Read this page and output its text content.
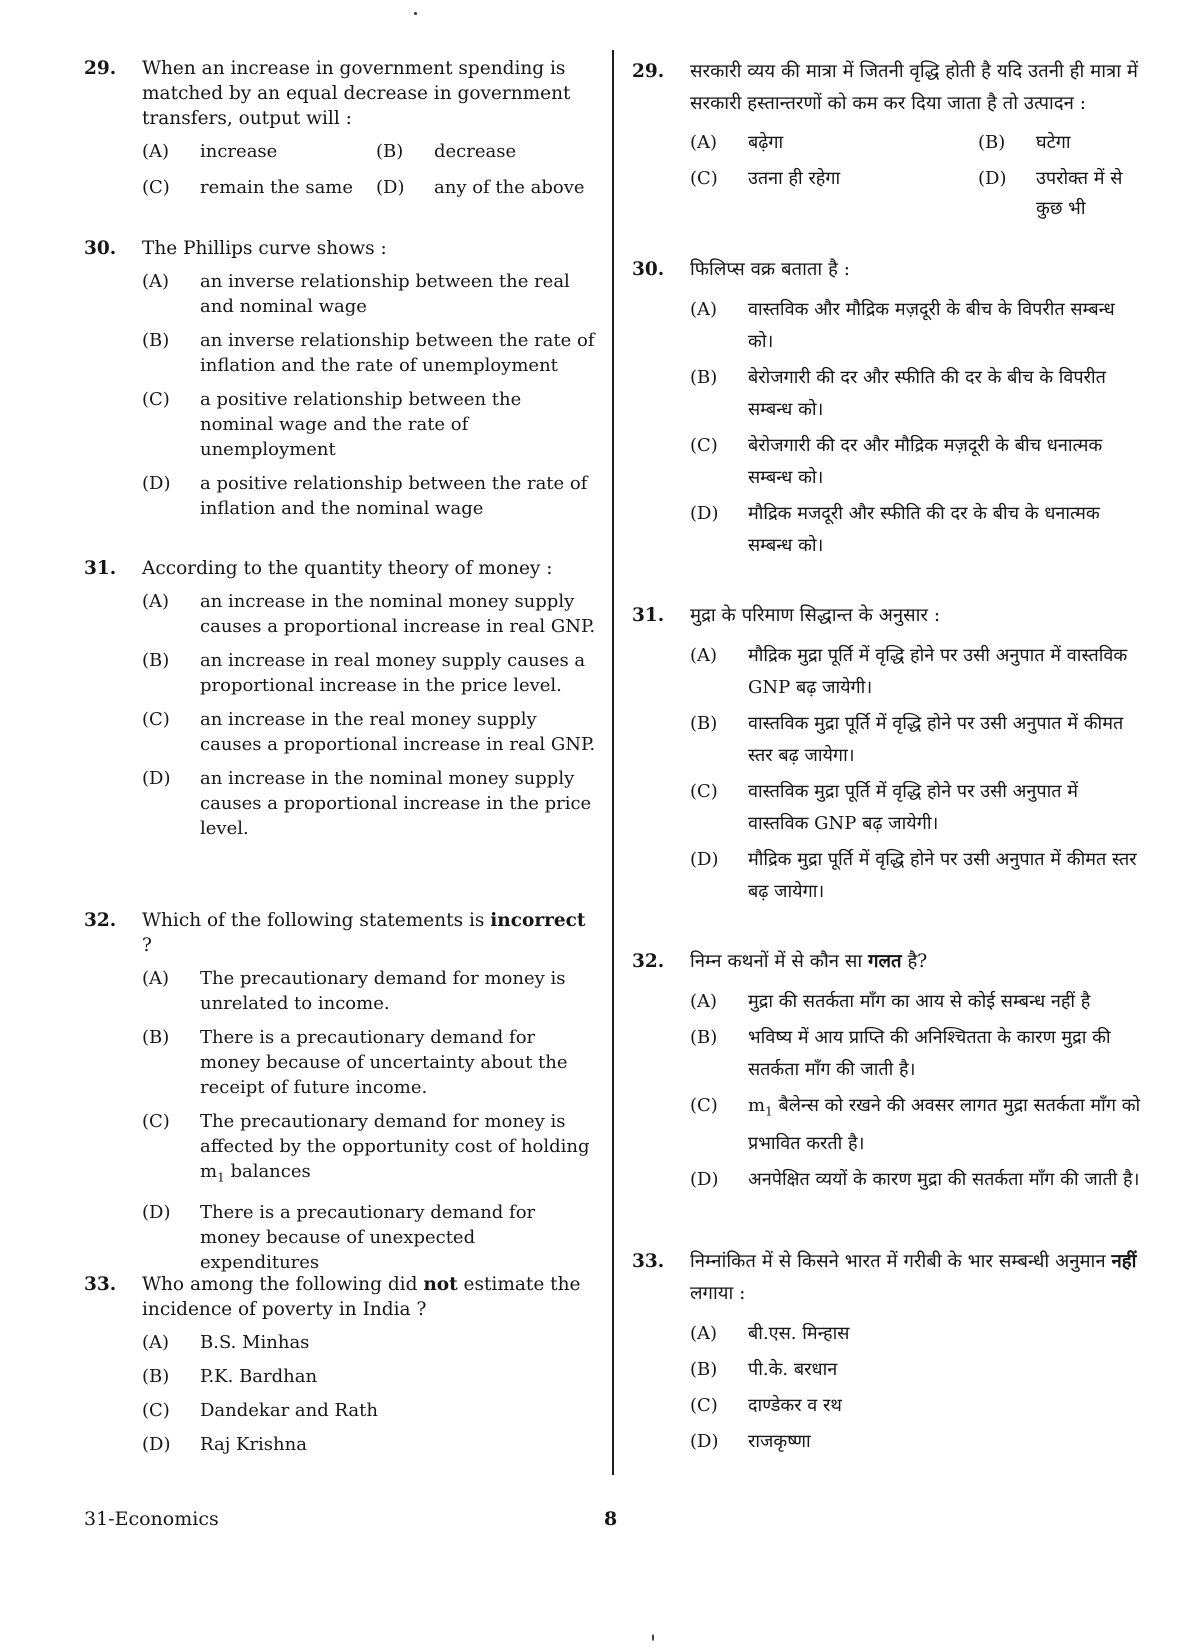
29.	When an increase in government spending is matched by an equal decrease in government transfers, output will :
(A)	increase	(B)	decrease
(C)	remain the same	(D)	any of the above
30.	The Phillips curve shows :
(A)	an inverse relationship between the real and nominal wage
(B)	an inverse relationship between the rate of inflation and the rate of unemployment
(C)	a positive relationship between the nominal wage and the rate of unemployment
(D)	a positive relationship between the rate of inflation and the nominal wage
31.	According to the quantity theory of money :
(A)	an increase in the nominal money supply causes a proportional increase in real GNP.
(B)	an increase in real money supply causes a proportional increase in the price level.
(C)	an increase in the real money supply causes a proportional increase in real GNP.
(D)	an increase in the nominal money supply causes a proportional increase in the price level.
32.	Which of the following statements is incorrect ?
(A)	The precautionary demand for money is unrelated to income.
(B)	There is a precautionary demand for money because of uncertainty about the receipt of future income.
(C)	The precautionary demand for money is affected by the opportunity cost of holding $m_1$ balances
(D)	There is a precautionary demand for money because of unexpected expenditures
33.	Who among the following did not estimate the incidence of poverty in India ?
(A)	B.S. Minhas
(B)	P.K. Bardhan
(C)	Dandekar and Rath
(D)	Raj Krishna
29.	सरकारी व्यय की मात्रा में जितनी वृद्धि होती है यदि उतनी ही मात्रा में सरकारी हस्तान्तरणों को कम कर दिया जाता है तो उत्पादन :
(A)	बढ़ेगा	(B)	घटेगा
(C)	उतना ही रहेगा	(D)	उपरोक्त में से कुछ भी
30.	फिलिप्स वक्र बताता है :
(A)	वास्तविक और मौद्रिक मज़दूरी के बीच के विपरीत सम्बन्ध को।
(B)	बेरोजगारी की दर और स्फीति की दर के बीच के विपरीत सम्बन्ध को।
(C)	बेरोजगारी की दर और मौद्रिक मज़दूरी के बीच धनात्मक सम्बन्ध को।
(D)	मौद्रिक मजदूरी और स्फीति की दर के बीच के धनात्मक सम्बन्ध को।
31.	मुद्रा के परिमाण सिद्धान्त के अनुसार :
(A)	मौद्रिक मुद्रा पूर्ति में वृद्धि होने पर उसी अनुपात में वास्तविक GNP बढ़ जायेगी।
(B)	वास्तविक मुद्रा पूर्ति में वृद्धि होने पर उसी अनुपात में कीमत स्तर बढ़ जायेगा।
(C)	वास्तविक मुद्रा पूर्ति में वृद्धि होने पर उसी अनुपात में वास्तविक GNP बढ़ जायेगी।
(D)	मौद्रिक मुद्रा पूर्ति में वृद्धि होने पर उसी अनुपात में कीमत स्तर बढ़ जायेगा।
32.	निम्न कथनों में से कौन सा गलत है?
(A)	मुद्रा की सतर्कता माँग का आय से कोई सम्बन्ध नहीं है
(B)	भविष्य में आय प्राप्ति की अनिश्चितता के कारण मुद्रा की सतर्कता माँग की जाती है।
(C)	$m_1$ बैलेन्स को रखने की अवसर लागत मुद्रा सतर्कता माँग को प्रभावित करती है।
(D)	अनपेक्षित व्ययों के कारण मुद्रा की सतर्कता माँग की जाती है।
33.	निम्नांकित में से किसने भारत में गरीबी के भार सम्बन्धी अनुमान नहीं लगाया :
(A)	बी.एस. मिन्हास
(B)	पी.के. बरधान
(C)	दाण्डेकर व रथ
(D)	राजकृष्णा
31-Economics	8
